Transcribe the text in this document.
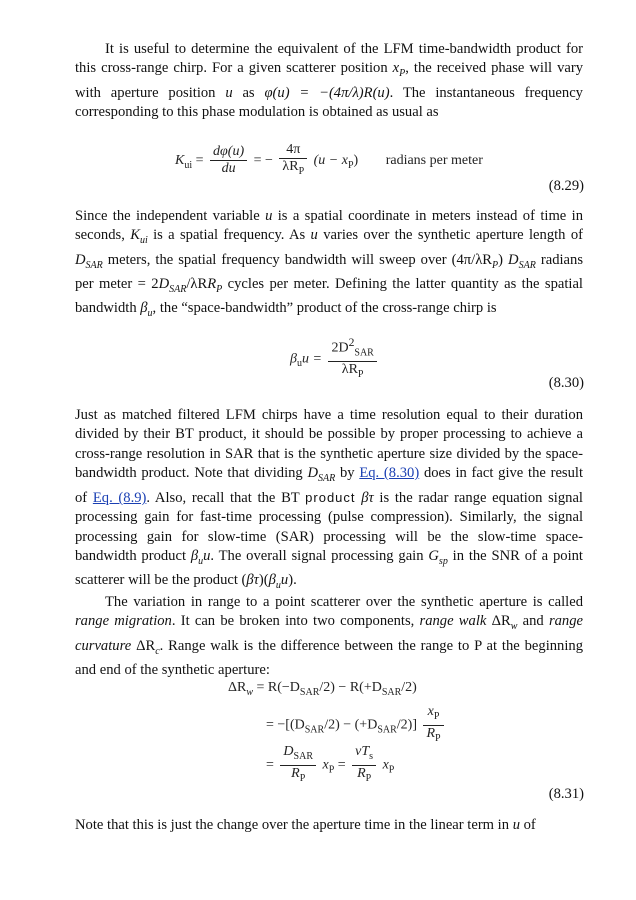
It is useful to determine the equivalent of the LFM time-bandwidth product for this cross-range chirp. For a given scatterer position $x_P$, the received phase will vary with aperture position u as φ(u) = −(4π/λ)R(u). The instantaneous frequency corresponding to this phase modulation is obtained as usual as

$K_{ui} = \frac{d\varphi(u)}{du}$ = − $\frac{4\pi}{\lambda R_P} (u - x_P)$ radians per meter
(8.29)

Since the independent variable u is a spatial coordinate in meters instead of time in seconds, $K_{ui}$ is a spatial frequency. As u varies over the synthetic aperture length of $D_{SAR}$ meters, the spatial frequency bandwidth will sweep over $(4\pi/\lambda R_P)$ $D_{SAR}$ radians per meter = $2D_{SAR}/\lambda RR_P$ cycles per meter. Defining the latter quantity as the spatial bandwidth $\beta_u$, the “space-bandwidth” product of the cross-range chirp is

$\beta_uu = \frac{2D^2_{SAR}}{\lambda R_P}$	(8.30)

Just as matched filtered LFM chirps have a time resolution equal to their duration divided by their BT product, it should be possible by proper processing to achieve a cross-range resolution in SAR that is the synthetic aperture size divided by the space-bandwidth product. Note that dividing $D_{SAR}$ by Eq. (8.30) does in fact give the result of Eq. (8.9). Also, recall that the BT product βτ is the radar range equation signal processing gain for fast-time processing (pulse compression). Similarly, the signal processing gain for slow-time (SAR) processing will be the slow-time space-bandwidth product $\beta_uu$. The overall signal processing gain $G_{sp}$ in the SNR of a point scatterer will be the product $(\beta\tau)(\beta_uu)$.

The variation in range to a point scatterer over the synthetic aperture is called range migration. It can be broken into two components, range walk $\Delta R_w$ and range curvature $\Delta R_c$. Range walk is the difference between the range to P at the beginning and end of the synthetic aperture:

$\Delta R_w = R(-D_{SAR}/2) - R(+D_{SAR}/2)$
= $-[(D_{SAR}/2) - (+D_{SAR}/2)] \frac{x_P}{R_P}$
= $\frac{D_{SAR}}{R_P} x_P = \frac{vT_s}{R_P} x_P$
(8.31)

Note that this is just the change over the aperture time in the linear term in u of
